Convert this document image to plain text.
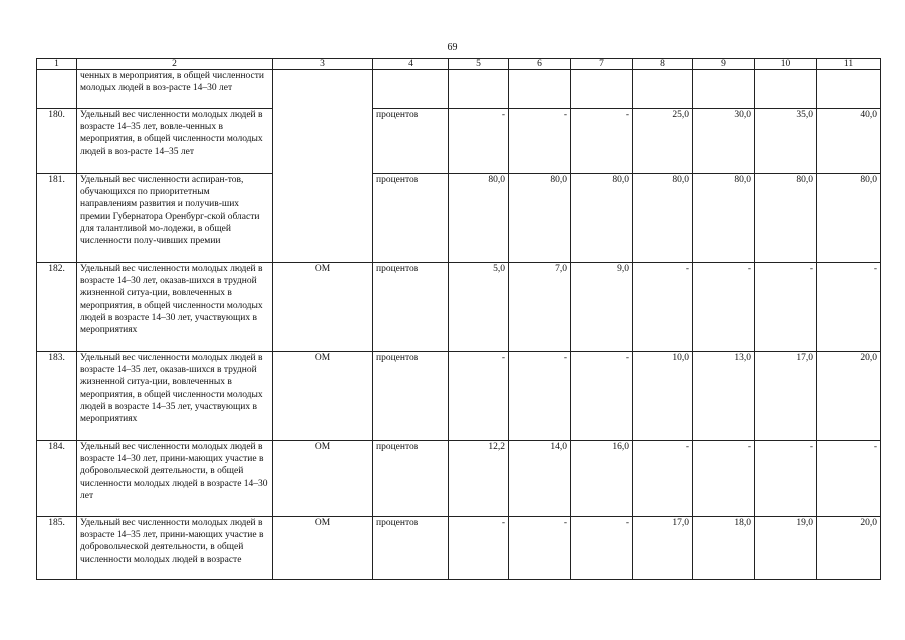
69
1	2	3	4	5	6	7	8	9	10	11
	ченных в мероприятия, в общей численности молодых людей в воз-расте 14–30 лет									
180.	Удельный вес численности молодых людей в возрасте 14–35 лет, вовле-ченных в мероприятия, в общей численности молодых людей в воз-расте 14–35 лет		процентов	-	-	-	25,0	30,0	35,0	40,0
181.	Удельный вес численности аспиран-тов, обучающихся по приоритетным направлениям развития и получив-ших премии Губернатора Оренбург-ской области для талантливой мо-лодежи, в общей численности полу-чивших премии		процентов	80,0	80,0	80,0	80,0	80,0	80,0	80,0
182.	Удельный вес численности молодых людей в возрасте 14–30 лет, оказав-шихся в трудной жизненной ситуа-ции, вовлеченных в мероприятия, в общей численности молодых людей в возрасте 14–30 лет, участвующих в мероприятиях	ОМ	процентов	5,0	7,0	9,0	-	-	-	-
183.	Удельный вес численности молодых людей в возрасте 14–35 лет, оказав-шихся в трудной жизненной ситуа-ции, вовлеченных в мероприятия, в общей численности молодых людей в возрасте 14–35 лет, участвующих в мероприятиях	ОМ	процентов	-	-	-	10,0	13,0	17,0	20,0
184.	Удельный вес численности молодых людей в возрасте 14–30 лет, прини-мающих участие в добровольческой деятельности, в общей численности молодых людей в возрасте 14–30 лет	ОМ	процентов	12,2	14,0	16,0	-	-	-	-
185.	Удельный вес численности молодых людей в возрасте 14–35 лет, прини-мающих участие в добровольческой деятельности, в общей численности молодых людей в возрасте	ОМ	процентов	-	-	-	17,0	18,0	19,0	20,0
